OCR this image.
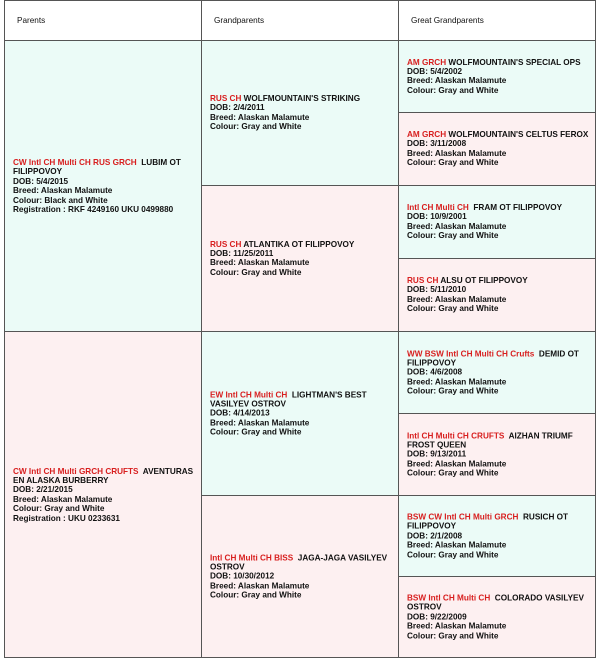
Parents	Grandparents	Great Grandparents
CW Intl CH Multi CH RUS GRCH LUBIM OT FILIPPOVOY
DOB: 5/4/2015
Breed: Alaskan Malamute
Colour: Black and White
Registration : RKF 4249160 UKU 0499880
CW Intl CH Multi GRCH CRUFTS AVENTURAS EN ALASKA BURBERRY
DOB: 2/21/2015
Breed: Alaskan Malamute
Colour: Gray and White
Registration : UKU 0233631
RUS CH WOLFMOUNTAIN'S STRIKING
DOB: 2/4/2011
Breed: Alaskan Malamute
Colour: Gray and White
RUS CH ATLANTIKA OT FILIPPOVOY
DOB: 11/25/2011
Breed: Alaskan Malamute
Colour: Gray and White
EW Intl CH Multi CH LIGHTMAN'S BEST VASILYEV OSTROV
DOB: 4/14/2013
Breed: Alaskan Malamute
Colour: Gray and White
Intl CH Multi CH BISS JAGA-JAGA VASILYEV OSTROV
DOB: 10/30/2012
Breed: Alaskan Malamute
Colour: Gray and White
AM GRCH WOLFMOUNTAIN'S SPECIAL OPS
DOB: 5/4/2002
Breed: Alaskan Malamute
Colour: Gray and White
AM GRCH WOLFMOUNTAIN'S CELTUS FEROX
DOB: 3/11/2008
Breed: Alaskan Malamute
Colour: Gray and White
Intl CH Multi CH FRAM OT FILIPPOVOY
DOB: 10/9/2001
Breed: Alaskan Malamute
Colour: Gray and White
RUS CH ALSU OT FILIPPOVOY
DOB: 5/11/2010
Breed: Alaskan Malamute
Colour: Gray and White
WW BSW Intl CH Multi CH Crufts DEMID OT FILIPPOVOY
DOB: 4/6/2008
Breed: Alaskan Malamute
Colour: Gray and White
Intl CH Multi CH CRUFTS AIZHAN TRIUMF FROST QUEEN
DOB: 9/13/2011
Breed: Alaskan Malamute
Colour: Gray and White
BSW CW Intl CH Multi GRCH RUSICH OT FILIPPOVOY
DOB: 2/1/2008
Breed: Alaskan Malamute
Colour: Gray and White
BSW Intl CH Multi CH COLORADO VASILYEV OSTROV
DOB: 9/22/2009
Breed: Alaskan Malamute
Colour: Gray and White
